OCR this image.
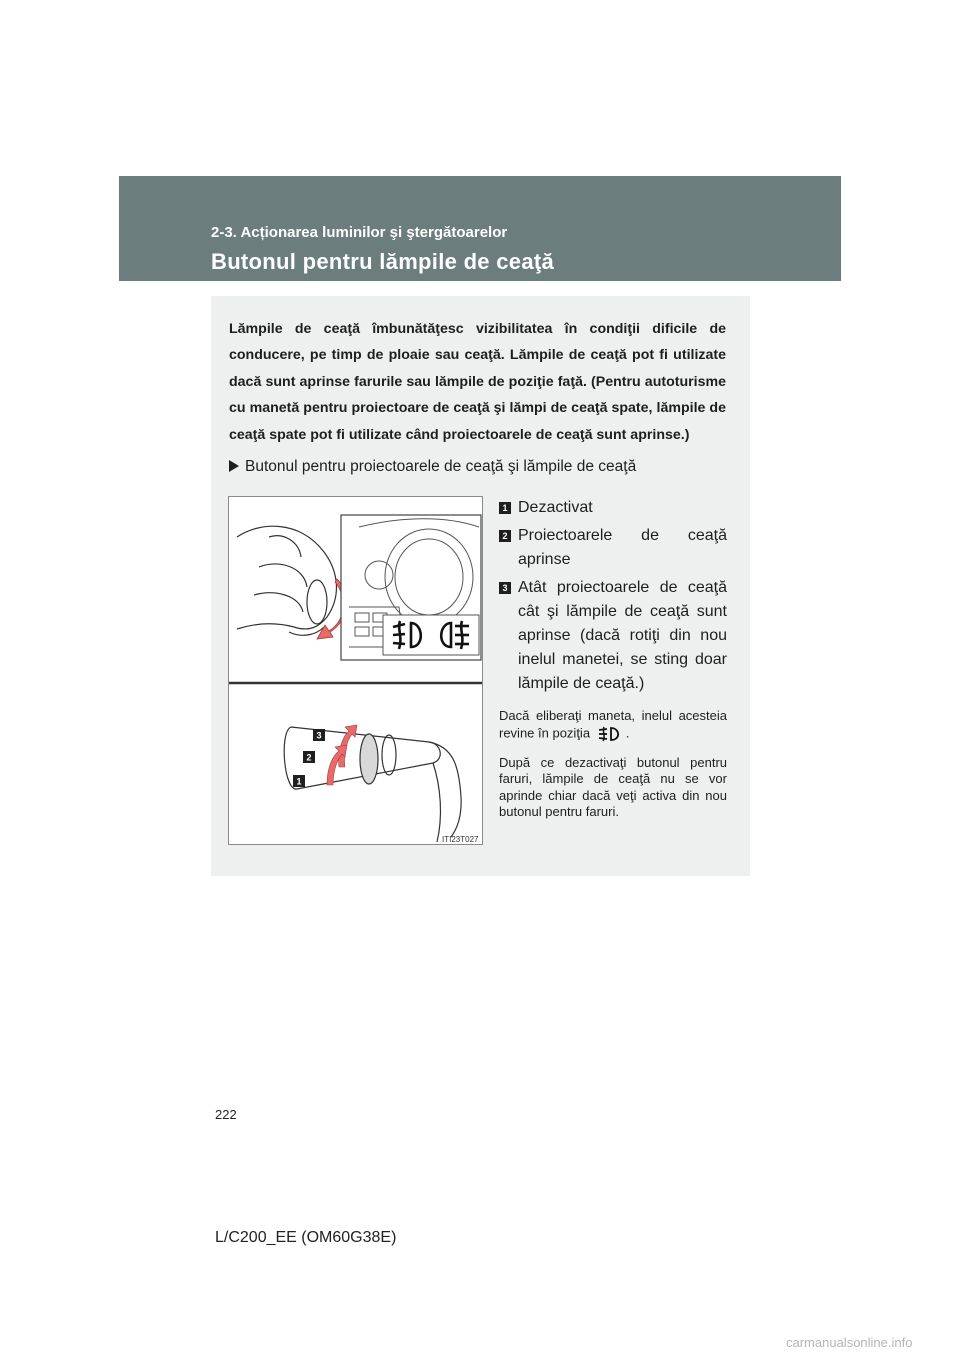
2-3. Acționarea luminilor şi ştergătoarelor
Butonul pentru lămpile de ceaţă
Lămpile de ceaţă îmbunătăţesc vizibilitatea în condiţii dificile de conducere, pe timp de ploaie sau ceaţă. Lămpile de ceaţă pot fi utilizate dacă sunt aprinse farurile sau lămpile de poziţie faţă. (Pentru autoturisme cu manetă pentru proiectoare de ceaţă şi lămpi de ceaţă spate, lămpile de ceaţă spate pot fi utilizate când proiectoarele de ceaţă sunt aprinse.)
Butonul pentru proiectoarele de ceaţă şi lămpile de ceaţă
3
2
1
ITI23T027
1 Dezactivat
2 Proiectoarele de ceaţă aprinse
3 Atât proiectoarele de ceaţă cât şi lămpile de ceaţă sunt aprinse (dacă rotiţi din nou inelul manetei, se sting doar lămpile de ceaţă.)
Dacă eliberaţi maneta, inelul acesteia revine în poziţia	.
După ce dezactivaţi butonul pentru faruri, lămpile de ceaţă nu se vor aprinde chiar dacă veţi activa din nou butonul pentru faruri.
222
L/C200_EE (OM60G38E)
carmanualsonline.info
